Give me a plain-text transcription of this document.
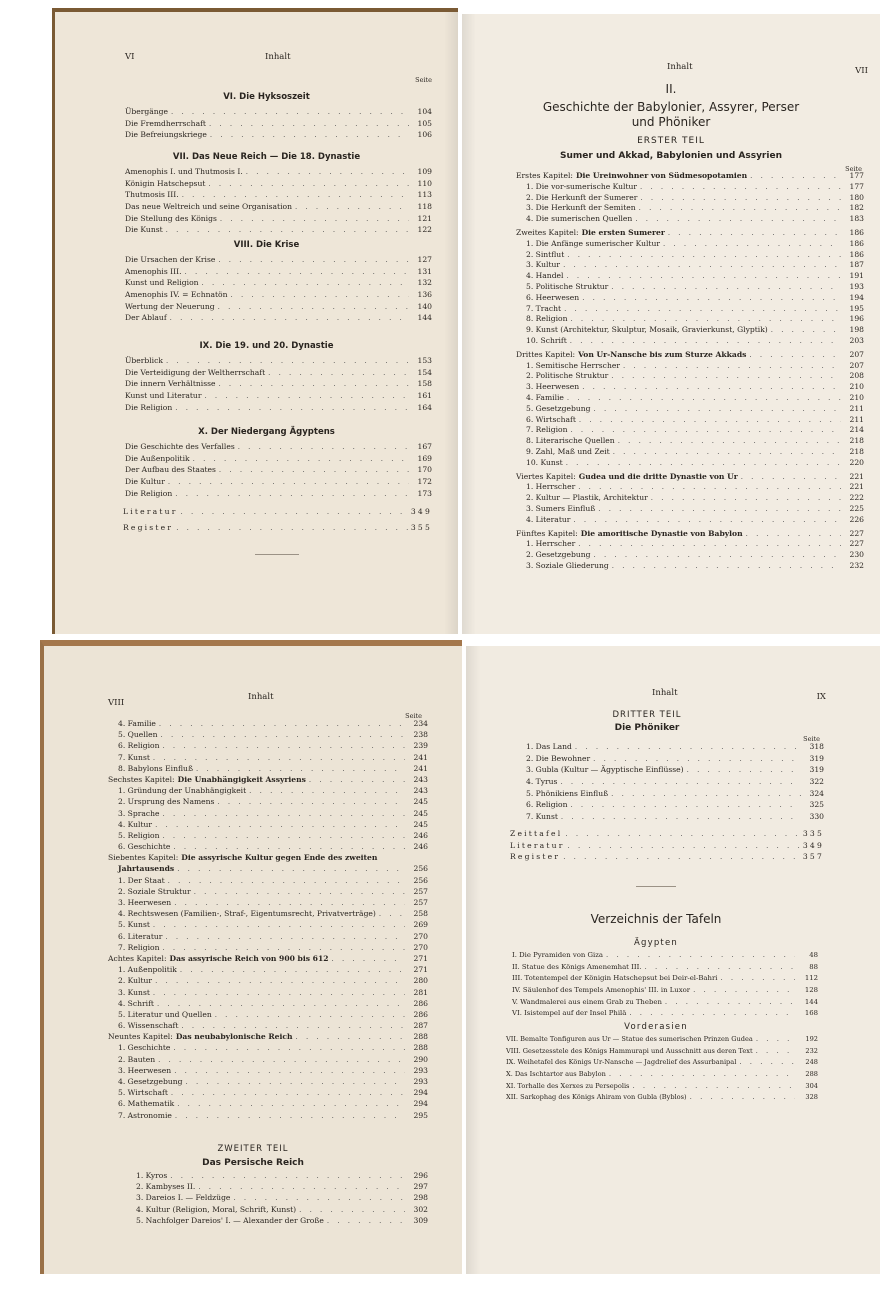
VI	Inhalt
Seite
VI. Die Hyksoszeit
Übergänge . . .	104
Die Fremdherrschaft . . .	105
Die Befreiungskriege . . .	106
VII. Das Neue Reich — Die 18. Dynastie
Amenophis I. und Thutmosis I. . . .	109
Königin Hatschepsut . . .	110
Thutmosis III. . . .	113
Das neue Weltreich und seine Organisation . . .	118
Die Stellung des Königs . . .	121
Die Kunst . . .	122
VIII. Die Krise
Die Ursachen der Krise . . .	127
Amenophis III. . . .	131
Kunst und Religion . . .	132
Amenophis IV. = Echnatön . . .	136
Wertung der Neuerung . . .	140
Der Ablauf . . .	144
IX. Die 19. und 20. Dynastie
Überblick . . .	153
Die Verteidigung der Weltherrschaft . . .	154
Die innern Verhältnisse . . .	158
Kunst und Literatur . . .	161
Die Religion . . .	164
X. Der Niedergang Ägyptens
Die Geschichte des Verfalles . . .	167
Die Außenpolitik . . .	169
Der Aufbau des Staates . . .	170
Die Kultur . . .	172
Die Religion . . .	173
Literatur . . .	349
Register . . .	355
Inhalt	VII
II.
Geschichte der Babylonier, Assyrer, Perser
und Phöniker
ERSTER TEIL
Sumer und Akkad, Babylonien und Assyrien
Seite
Erstes Kapitel: Die Ureinwohner von Südmesopotamien . . .	177
1. Die vor-sumerische Kultur . . .	177
2. Die Herkunft der Sumerer . . .	180
3. Die Herkunft der Semiten . . .	182
4. Die sumerischen Quellen . . .	183
Zweites Kapitel: Die ersten Sumerer . . .	186
1. Die Anfänge sumerischer Kultur . . .	186
2. Sintflut . . .	186
3. Kultur . . .	187
4. Handel . . .	191
5. Politische Struktur . . .	193
6. Heerwesen . . .	194
7. Tracht . . .	195
8. Religion . . .	196
9. Kunst (Architektur, Skulptur, Mosaik, Gravierkunst, Glyptik) . . .	198
10. Schrift . . .	203
Drittes Kapitel: Von Ur-Nansche bis zum Sturze Akkads . . .	207
1. Semitische Herrscher . . .	207
2. Politische Struktur . . .	208
3. Heerwesen . . .	210
4. Familie . . .	210
5. Gesetzgebung . . .	211
6. Wirtschaft . . .	211
7. Religion . . .	214
8. Literarische Quellen . . .	218
9. Zahl, Maß und Zeit . . .	218
10. Kunst . . .	220
Viertes Kapitel: Gudea und die dritte Dynastie von Ur . . .	221
1. Herrscher . . .	221
2. Kultur — Plastik, Architektur . . .	222
3. Sumers Einfluß . . .	225
4. Literatur . . .	226
Fünftes Kapitel: Die amoritische Dynastie von Babylon . . .	227
1. Herrscher . . .	227
2. Gesetzgebung . . .	230
3. Soziale Gliederung . . .	232
VIII
Inhalt
Seite
4. Familie . . .	234
5. Quellen . . .	238
6. Religion . . .	239
7. Kunst . . .	241
8. Babylons Einfluß . . .	241
Sechstes Kapitel: Die Unabhängigkeit Assyriens . . .	243
1. Gründung der Unabhängigkeit . . .	243
2. Ursprung des Namens . . .	245
3. Sprache . . .	245
4. Kultur . . .	245
5. Religion . . .	246
6. Geschichte . . .	246
Siebentes Kapitel: Die assyrische Kultur gegen Ende des zweiten
Jahrtausends . . .	256
1. Der Staat . . .	256
2. Soziale Struktur . . .	257
3. Heerwesen . . .	257
4. Rechtswesen (Familien-, Straf-, Eigentumsrecht, Privatverträge) . . .	258
5. Kunst . . .	269
6. Literatur . . .	270
7. Religion . . .	270
Achtes Kapitel: Das assyrische Reich von 900 bis 612 . . .	271
1. Außenpolitik . . .	271
2. Kultur . . .	280
3. Kunst . . .	281
4. Schrift . . .	286
5. Literatur und Quellen . . .	286
6. Wissenschaft . . .	287
Neuntes Kapitel: Das neubabylonische Reich . . .	288
1. Geschichte . . .	288
2. Bauten . . .	290
3. Heerwesen . . .	293
4. Gesetzgebung . . .	293
5. Wirtschaft . . .	294
6. Mathematik . . .	294
7. Astronomie . . .	295
ZWEITER TEIL
Das Persische Reich
1. Kyros . . .	296
2. Kambyses II. . . .	297
3. Dareios I. — Feldzüge . . .	298
4. Kultur (Religion, Moral, Schrift, Kunst) . . .	302
5. Nachfolger Dareios' I. — Alexander der Große . . .	309
Inhalt	IX
DRITTER TEIL
Die Phöniker
Seite
1. Das Land . . .	318
2. Die Bewohner . . .	319
3. Gubla (Kultur — Ägyptische Einflüsse) . . .	319
4. Tyrus . . .	322
5. Phönikiens Einfluß . . .	324
6. Religion . . .	325
7. Kunst . . .	330
Zeittafel . . .	335
Literatur . . .	349
Register . . .	357
Verzeichnis der Tafeln
Ägypten
I. Die Pyramiden von Giza . . .	48
II. Statue des Königs Amenemhat III. . . .	88
III. Totentempel der Königin Hatschepsut bei Deir-el-Bahri . . .	112
IV. Säulenhof des Tempels Amenophis' III. in Luxor . . .	128
V. Wandmalerei aus einem Grab zu Theben . . .	144
VI. Isistempel auf der Insel Philä . . .	168
Vorderasien
VII. Bemalte Tonfiguren aus Ur — Statue des sumerischen Prinzen Gudea . . .	192
VIII. Gesetzesstele des Königs Hammurapi und Ausschnitt aus deren Text . . .	232
IX. Weihetafel des Königs Ur-Nansche — Jagdrelief des Assurbanipal . . .	248
X. Das Ischtartor aus Babylon . . .	288
XI. Torhalle des Xerxes zu Persepolis . . .	304
XII. Sarkophag des Königs Ahiram von Gubla (Byblos) . . .	328
